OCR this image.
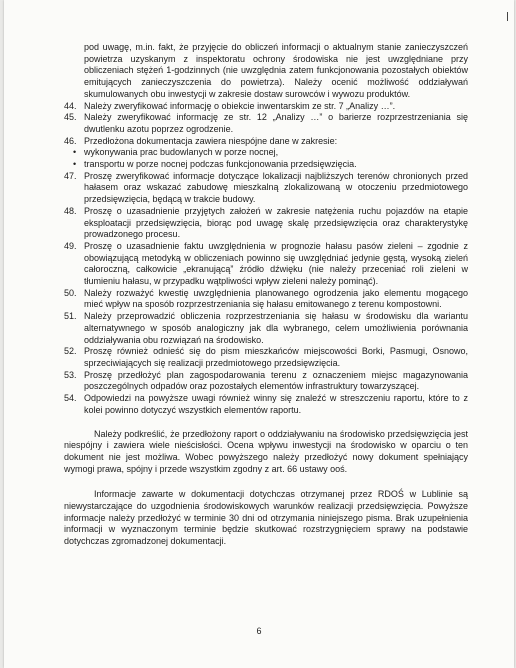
pod uwagę, m.in. fakt, że przyjęcie do obliczeń informacji o aktualnym stanie zanieczyszczeń powietrza uzyskanym z inspektoratu ochrony środowiska nie jest uwzględniane przy obliczeniach stężeń 1-godzinnych (nie uwzględnia zatem funkcjonowania pozostałych obiektów emitujących zanieczyszczenia do powietrza). Należy ocenić możliwość oddziaływań skumulowanych obu inwestycji w zakresie dostaw surowców i wywozu produktów.
44. Należy zweryfikować informację o obiekcie inwentarskim ze str. 7 „Analizy …”.
45. Należy zweryfikować informację ze str. 12 „Analizy …” o barierze rozprzestrzeniania się dwutlenku azotu poprzez ogrodzenie.
46. Przedłożona dokumentacja zawiera niespójne dane w zakresie:
• wykonywania prac budowlanych w porze nocnej,
• transportu w porze nocnej podczas funkcjonowania przedsięwzięcia.
47. Proszę zweryfikować informacje dotyczące lokalizacji najbliższych terenów chronionych przed hałasem oraz wskazać zabudowę mieszkalną zlokalizowaną w otoczeniu przedmiotowego przedsięwzięcia, będącą w trakcie budowy.
48. Proszę o uzasadnienie przyjętych założeń w zakresie natężenia ruchu pojazdów na etapie eksploatacji przedsięwzięcia, biorąc pod uwagę skalę przedsięwzięcia oraz charakterystykę prowadzonego procesu.
49. Proszę o uzasadnienie faktu uwzględnienia w prognozie hałasu pasów zieleni – zgodnie z obowiązującą metodyką w obliczeniach powinno się uwzględniać jedynie gęstą, wysoką zieleń całoroczną, całkowicie „ekranującą” źródło dźwięku (nie należy przeceniać roli zieleni w tłumieniu hałasu, w przypadku wątpliwości wpływ zieleni należy pominąć).
50. Należy rozważyć kwestię uwzględnienia planowanego ogrodzenia jako elementu mogącego mieć wpływ na sposób rozprzestrzeniania się hałasu emitowanego z terenu kompostowni.
51. Należy przeprowadzić obliczenia rozprzestrzeniania się hałasu w środowisku dla wariantu alternatywnego w sposób analogiczny jak dla wybranego, celem umożliwienia porównania oddziaływania obu rozwiązań na środowisko.
52. Proszę również odnieść się do pism mieszkańców miejscowości Borki, Pasmugi, Osnowo, sprzeciwiających się realizacji przedmiotowego przedsięwzięcia.
53. Proszę przedłożyć plan zagospodarowania terenu z oznaczeniem miejsc magazynowania poszczególnych odpadów oraz pozostałych elementów infrastruktury towarzyszącej.
54. Odpowiedzi na powyższe uwagi również winny się znaleźć w streszczeniu raportu, które to z kolei powinno dotyczyć wszystkich elementów raportu.

Należy podkreślić, że przedłożony raport o oddziaływaniu na środowisko przedsięwzięcia jest niespójny i zawiera wiele nieścisłości. Ocena wpływu inwestycji na środowisko w oparciu o ten dokument nie jest możliwa. Wobec powyższego należy przedłożyć nowy dokument spełniający wymogi prawa, spójny i przede wszystkim zgodny z art. 66 ustawy ooś.

Informacje zawarte w dokumentacji dotychczas otrzymanej przez RDOŚ w Lublinie są niewystarczające do uzgodnienia środowiskowych warunków realizacji przedsięwzięcia. Powyższe informacje należy przedłożyć w terminie 30 dni od otrzymania niniejszego pisma. Brak uzupełnienia informacji w wyznaczonym terminie będzie skutkować rozstrzygnięciem sprawy na podstawie dotychczas zgromadzonej dokumentacji.

6
